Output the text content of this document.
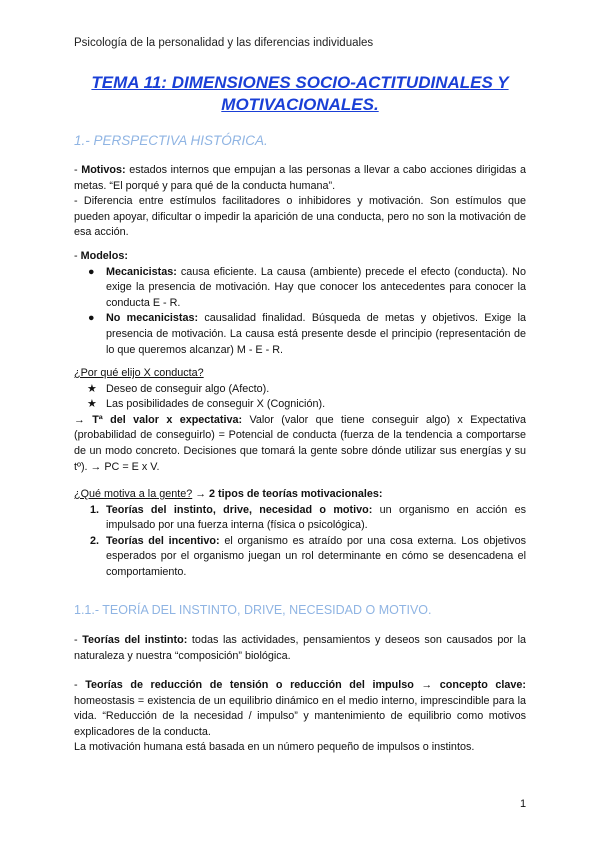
Psicología de la personalidad y las diferencias individuales
TEMA 11: DIMENSIONES SOCIO-ACTITUDINALES Y MOTIVACIONALES.
1.- PERSPECTIVA HISTÓRICA.

- Motivos: estados internos que empujan a las personas a llevar a cabo acciones dirigidas a metas. “El porqué y para qué de la conducta humana”.

- Diferencia entre estímulos facilitadores o inhibidores y motivación. Son estímulos que pueden apoyar, dificultar o impedir la aparición de una conducta, pero no son la motivación de esa acción.

- Modelos:

● Mecanicistas: causa eficiente. La causa (ambiente) precede el efecto (conducta). No exige la presencia de motivación. Hay que conocer los antecedentes para conocer la conducta E - R.
● No mecanicistas: causalidad finalidad. Búsqueda de metas y objetivos. Exige la presencia de motivación. La causa está presente desde el principio (representación de lo que queremos alcanzar) M - E - R.

¿Por qué elijo X conducta?

★ Deseo de conseguir algo (Afecto).
★ Las posibilidades de conseguir X (Cognición).

→ Tª del valor x expectativa: Valor (valor que tiene conseguir algo) x Expectativa (probabilidad de conseguirlo) = Potencial de conducta (fuerza de la tendencia a comportarse de un modo concreto. Decisiones que tomará la gente sobre dónde utilizar sus energías y su tº). → PC = E x V.

¿Qué motiva a la gente? → 2 tipos de teorías motivacionales:

1. Teorías del instinto, drive, necesidad o motivo: un organismo en acción es impulsado por una fuerza interna (física o psicológica).
2. Teorías del incentivo: el organismo es atraído por una cosa externa. Los objetivos esperados por el organismo juegan un rol determinante en cómo se desencadena el comportamiento.
1.1.- TEORÍA DEL INSTINTO, DRIVE, NECESIDAD O MOTIVO.

- Teorías del instinto: todas las actividades, pensamientos y deseos son causados por la naturaleza y nuestra “composición” biológica.

- Teorías de reducción de tensión o reducción del impulso → concepto clave: homeostasis = existencia de un equilibrio dinámico en el medio interno, imprescindible para la vida. “Reducción de la necesidad / impulso” y mantenimiento de equilibrio como motivos explicadores de la conducta.

La motivación humana está basada en un número pequeño de impulsos o instintos.

1
